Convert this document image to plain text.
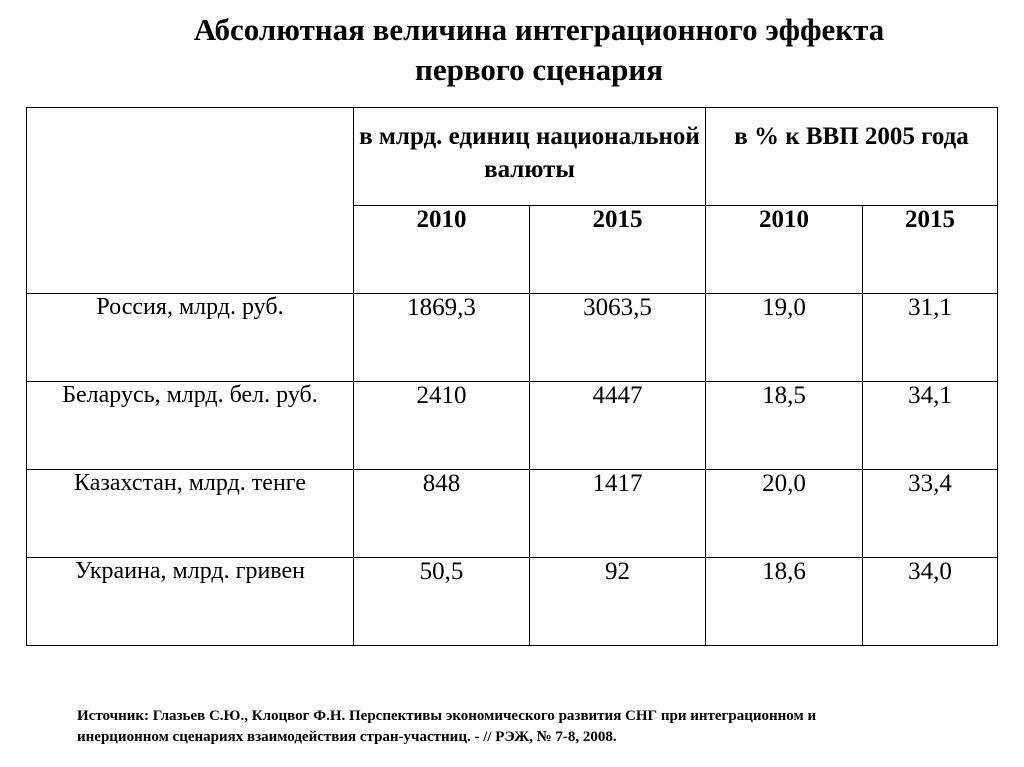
Абсолютная величина интеграционного эффекта
первого сценария
	в млрд. единиц национальной валюты		в % к ВВП 2005 года	
	2010	2015	2010	2015
Россия, млрд. руб.	1869,3	3063,5	19,0	31,1
Беларусь, млрд. бел. руб.	2410	4447	18,5	34,1
Казахстан, млрд. тенге	848	1417	20,0	33,4
Украина, млрд. гривен	50,5	92	18,6	34,0
Источник: Глазьев С.Ю., Клоцвог Ф.Н. Перспективы экономического развития СНГ при интеграционном и
инерционном сценариях взаимодействия стран-участниц. - // РЭЖ, № 7-8, 2008.
